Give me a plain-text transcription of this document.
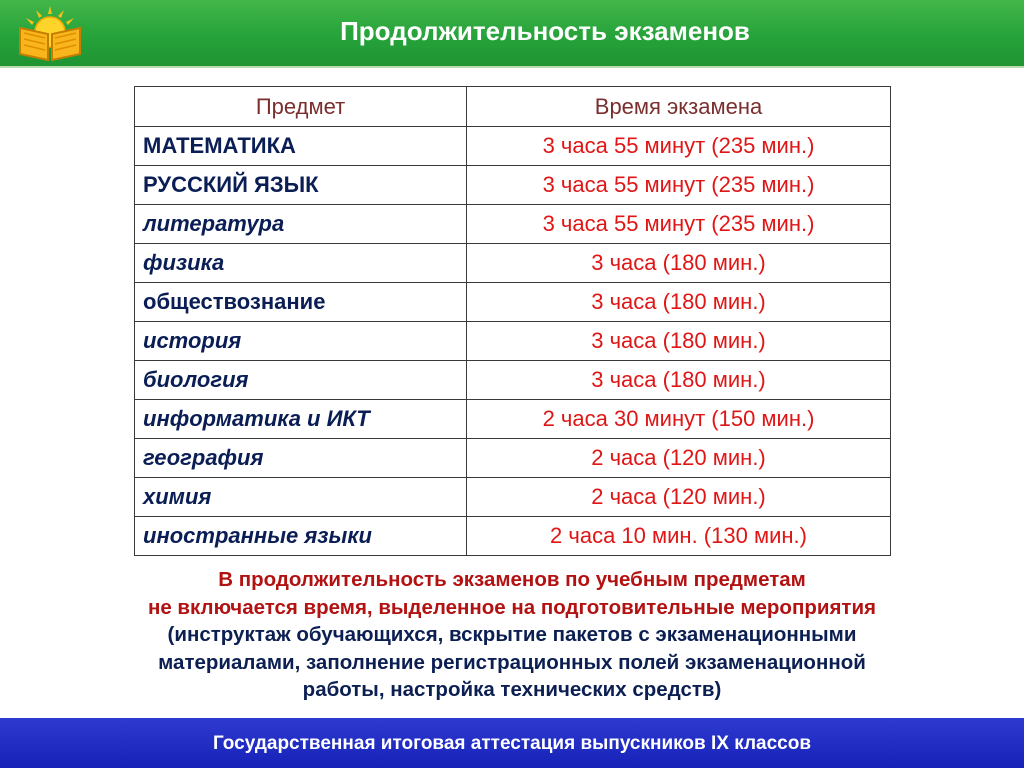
Продолжительность экзаменов
Предмет	Время экзамена
МАТЕМАТИКА	3 часа 55 минут (235 мин.)
РУССКИЙ ЯЗЫК	3 часа 55 минут (235 мин.)
литература	3 часа 55 минут (235 мин.)
физика	3 часа (180 мин.)
обществознание	3 часа (180 мин.)
история	3 часа (180 мин.)
биология	3 часа (180 мин.)
информатика и ИКТ	2 часа 30 минут (150 мин.)
география	2 часа (120 мин.)
химия	2 часа (120 мин.)
иностранные языки	2 часа 10 мин. (130 мин.)
В продолжительность экзаменов по учебным предметам
не включается время, выделенное на подготовительные мероприятия
(инструктаж обучающихся, вскрытие пакетов с экзаменационными
материалами, заполнение регистрационных полей экзаменационной
работы, настройка технических средств)
Государственная итоговая аттестация выпускников IX классов
